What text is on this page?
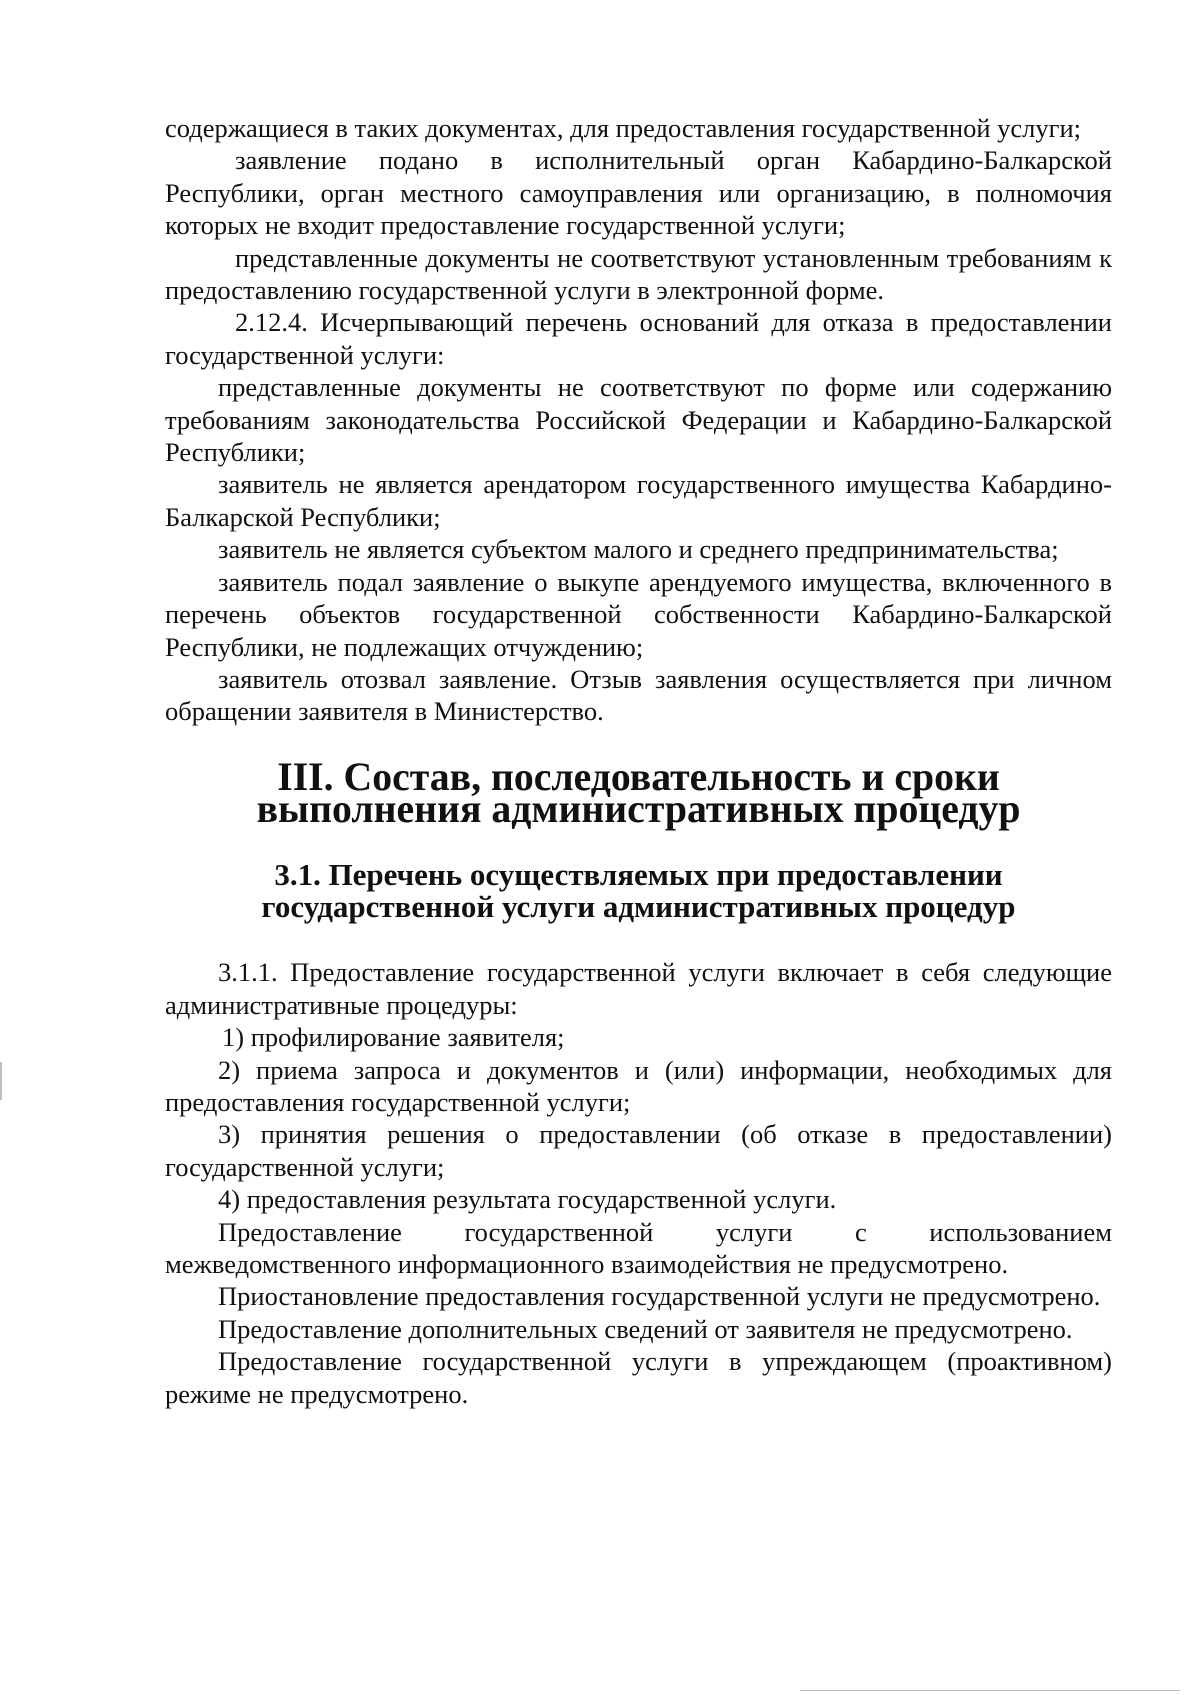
содержащиеся в таких документах, для предоставления государственной услуги;

заявление подано в исполнительный орган Кабардино-Балкарской Республики, орган местного самоуправления или организацию, в полномочия которых не входит предоставление государственной услуги;

представленные документы не соответствуют установленным требованиям к предоставлению государственной услуги в электронной форме.

2.12.4. Исчерпывающий перечень оснований для отказа в предоставлении государственной услуги:

представленные документы не соответствуют по форме или содержанию требованиям законодательства Российской Федерации и Кабардино-Балкарской Республики;

заявитель не является арендатором государственного имущества Кабардино-Балкарской Республики;

заявитель не является субъектом малого и среднего предпринимательства;

заявитель подал заявление о выкупе арендуемого имущества, включенного в перечень объектов государственной собственности Кабардино-Балкарской Республики, не подлежащих отчуждению;

заявитель отозвал заявление. Отзыв заявления осуществляется при личном обращении заявителя в Министерство.

III. Состав, последовательность и сроки
выполнения административных процедур
3.1. Перечень осуществляемых при предоставлении
государственной услуги административных процедур

3.1.1. Предоставление государственной услуги включает в себя следующие административные процедуры:

1) профилирование заявителя;

2) приема запроса и документов и (или) информации, необходимых для предоставления государственной услуги;

3) принятия решения о предоставлении (об отказе в предоставлении) государственной услуги;

4) предоставления результата государственной услуги.

Предоставление государственной услуги с использованием межведомственного информационного взаимодействия не предусмотрено.

Приостановление предоставления государственной услуги не предусмотрено.

Предоставление дополнительных сведений от заявителя не предусмотрено.

Предоставление государственной услуги в упреждающем (проактивном) режиме не предусмотрено.
